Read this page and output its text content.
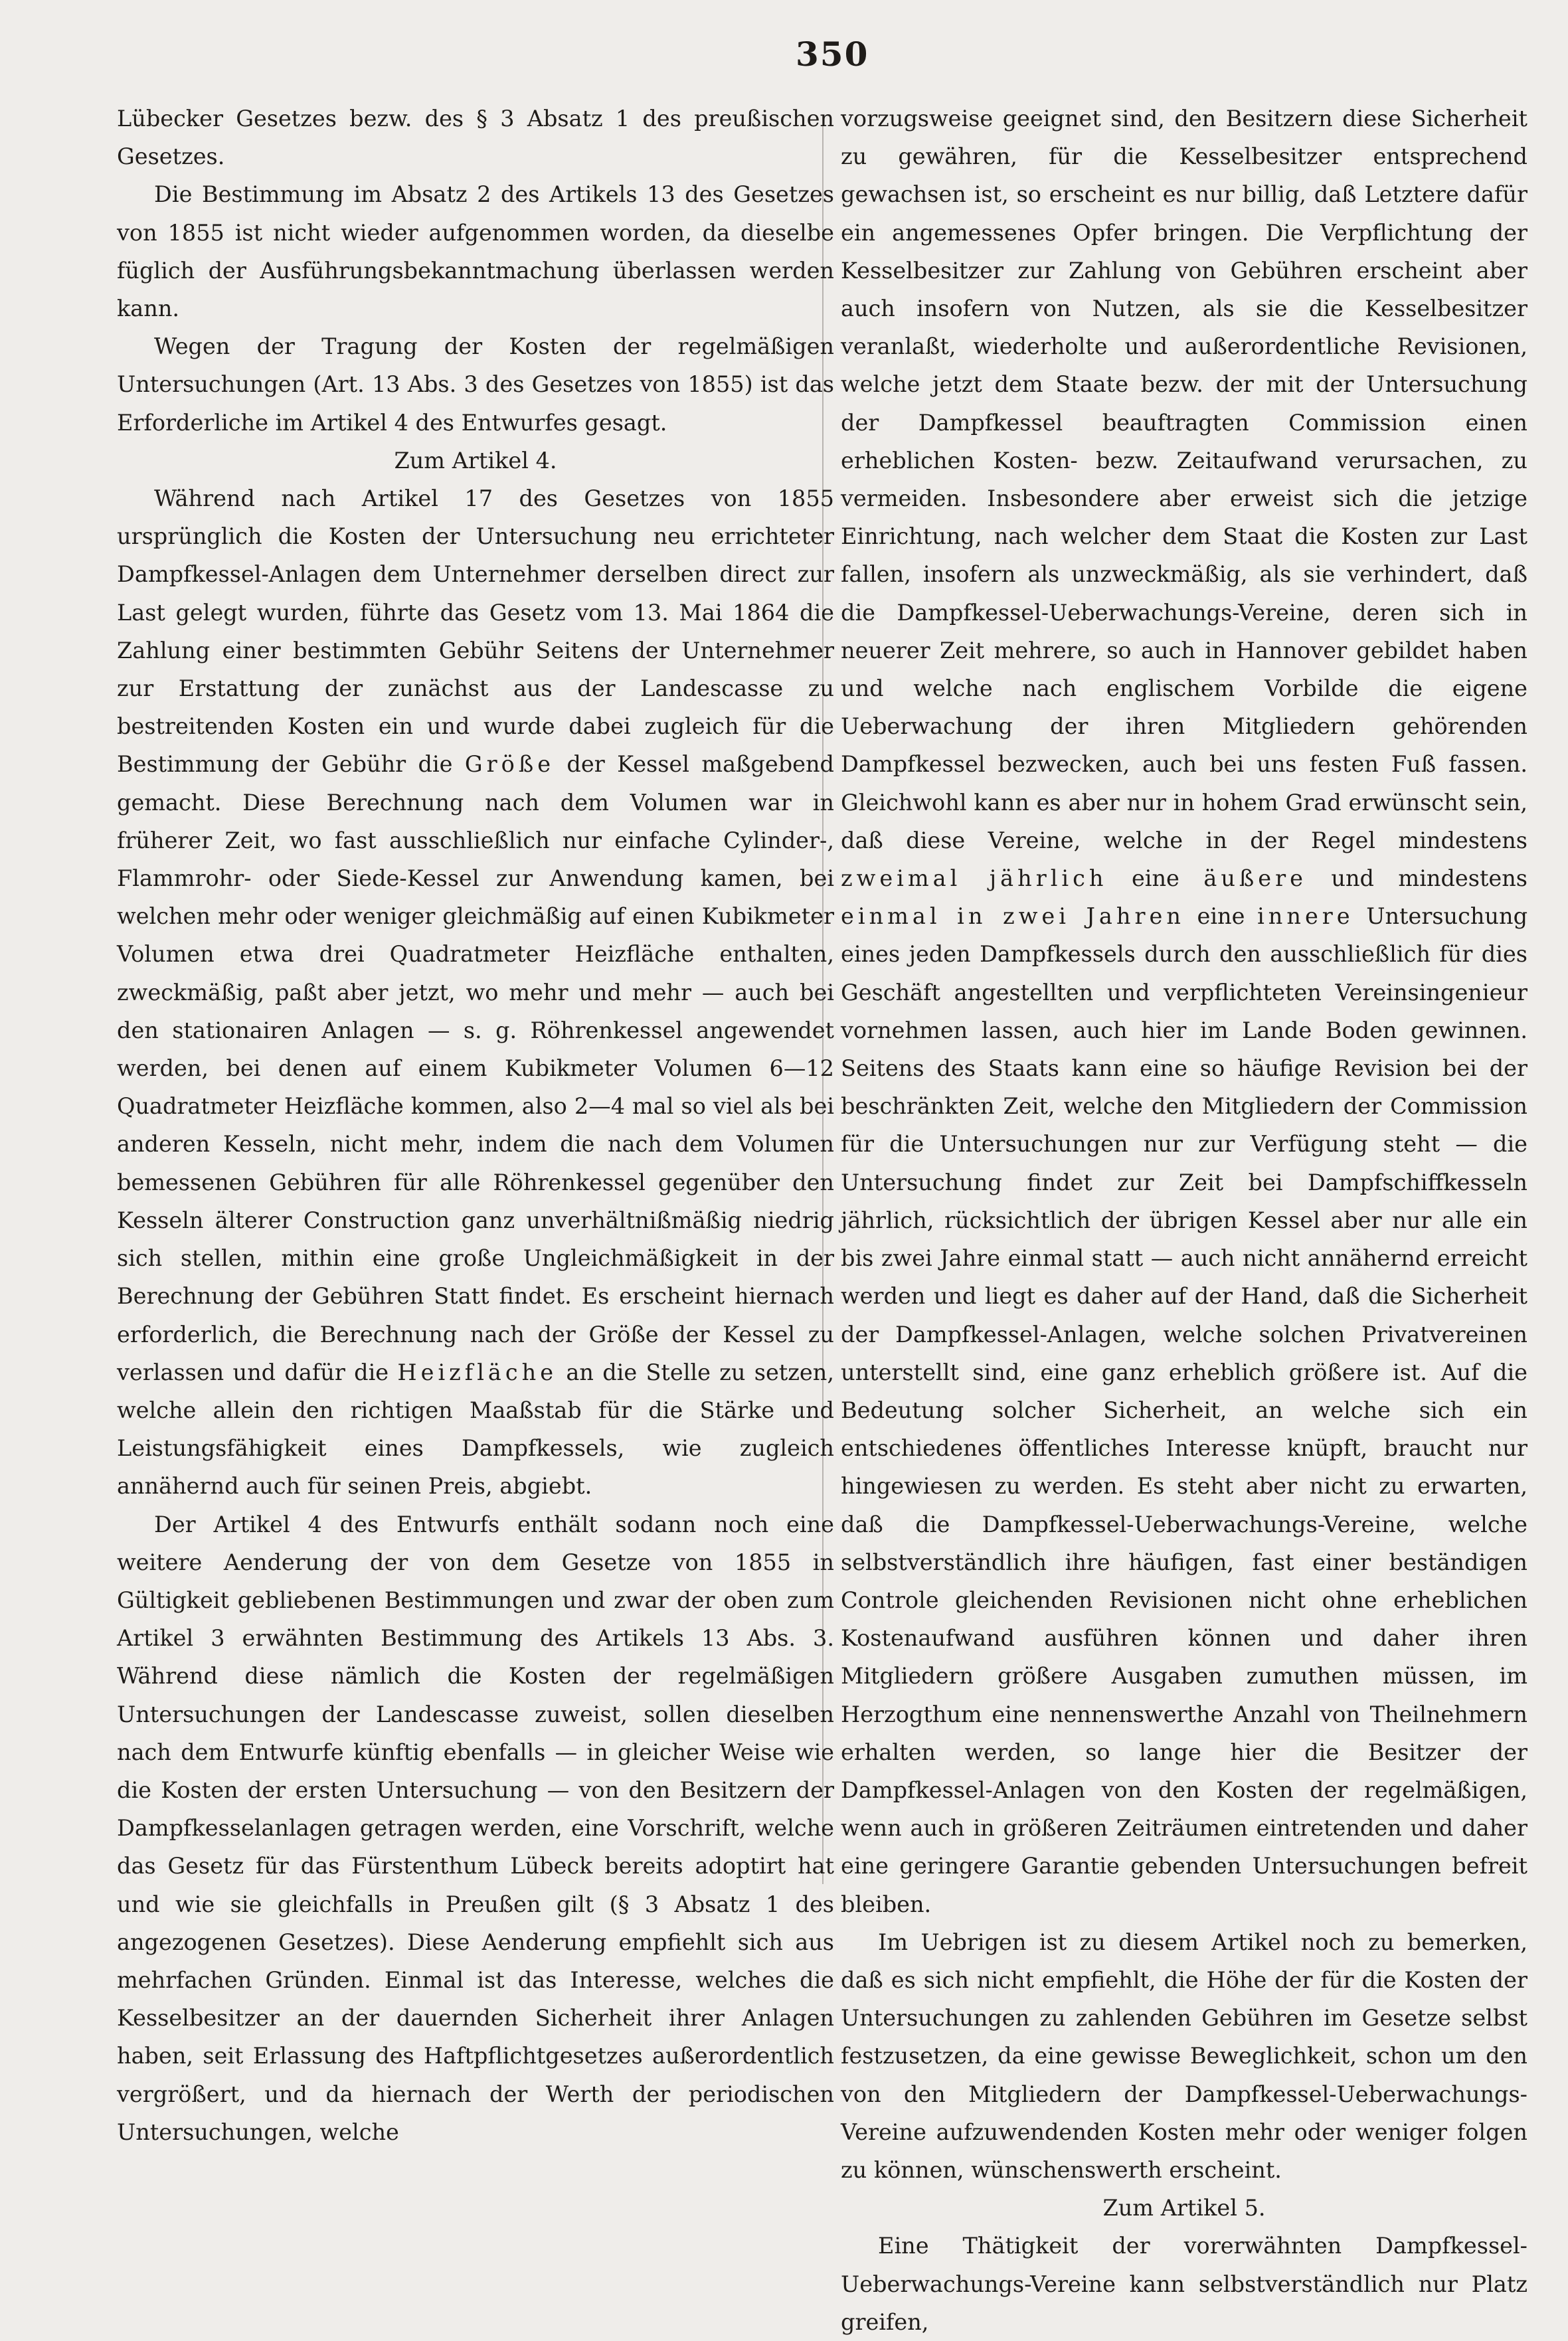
350

Lübecker Gesetzes bezw. des § 3 Absatz 1 des preußischen Gesetzes.

Die Bestimmung im Absatz 2 des Artikels 13 des Gesetzes von 1855 ist nicht wieder aufgenommen worden, da dieselbe füglich der Ausführungsbekanntmachung überlassen werden kann.

Wegen der Tragung der Kosten der regelmäßigen Untersuchungen (Art. 13 Abs. 3 des Gesetzes von 1855) ist das Erforderliche im Artikel 4 des Entwurfes gesagt.

Zum Artikel 4.

Während nach Artikel 17 des Gesetzes von 1855 ursprünglich die Kosten der Untersuchung neu errichteter Dampfkessel-Anlagen dem Unternehmer derselben direct zur Last gelegt wurden, führte das Gesetz vom 13. Mai 1864 die Zahlung einer bestimmten Gebühr Seitens der Unternehmer zur Erstattung der zunächst aus der Landescasse zu bestreitenden Kosten ein und wurde dabei zugleich für die Bestimmung der Gebühr die Größe der Kessel maßgebend gemacht. Diese Berechnung nach dem Volumen war in früherer Zeit, wo fast ausschließlich nur einfache Cylinder-, Flammrohr- oder Siede-Kessel zur Anwendung kamen, bei welchen mehr oder weniger gleichmäßig auf einen Kubikmeter Volumen etwa drei Quadratmeter Heizfläche enthalten, zweckmäßig, paßt aber jetzt, wo mehr und mehr — auch bei den stationairen Anlagen — s. g. Röhrenkessel angewendet werden, bei denen auf einem Kubikmeter Volumen 6—12 Quadratmeter Heizfläche kommen, also 2—4 mal so viel als bei anderen Kesseln, nicht mehr, indem die nach dem Volumen bemessenen Gebühren für alle Röhrenkessel gegenüber den Kesseln älterer Construction ganz unverhältnißmäßig niedrig sich stellen, mithin eine große Ungleichmäßigkeit in der Berechnung der Gebühren Statt findet. Es erscheint hiernach erforderlich, die Berechnung nach der Größe der Kessel zu verlassen und dafür die Heizfläche an die Stelle zu setzen, welche allein den richtigen Maaßstab für die Stärke und Leistungsfähigkeit eines Dampfkessels, wie zugleich annähernd auch für seinen Preis, abgiebt.

Der Artikel 4 des Entwurfs enthält sodann noch eine weitere Aenderung der von dem Gesetze von 1855 in Gültigkeit gebliebenen Bestimmungen und zwar der oben zum Artikel 3 erwähnten Bestimmung des Artikels 13 Abs. 3. Während diese nämlich die Kosten der regelmäßigen Untersuchungen der Landescasse zuweist, sollen dieselben nach dem Entwurfe künftig ebenfalls — in gleicher Weise wie die Kosten der ersten Untersuchung — von den Besitzern der Dampfkesselanlagen getragen werden, eine Vorschrift, welche das Gesetz für das Fürstenthum Lübeck bereits adoptirt hat und wie sie gleichfalls in Preußen gilt (§ 3 Absatz 1 des angezogenen Gesetzes). Diese Aenderung empfiehlt sich aus mehrfachen Gründen. Einmal ist das Interesse, welches die Kesselbesitzer an der dauernden Sicherheit ihrer Anlagen haben, seit Erlassung des Haftpflichtgesetzes außerordentlich vergrößert, und da hiernach der Werth der periodischen Untersuchungen, welche

vorzugsweise geeignet sind, den Besitzern diese Sicherheit zu gewähren, für die Kesselbesitzer entsprechend gewachsen ist, so erscheint es nur billig, daß Letztere dafür ein angemessenes Opfer bringen. Die Verpflichtung der Kesselbesitzer zur Zahlung von Gebühren erscheint aber auch insofern von Nutzen, als sie die Kesselbesitzer veranlaßt, wiederholte und außerordentliche Revisionen, welche jetzt dem Staate bezw. der mit der Untersuchung der Dampfkessel beauftragten Commission einen erheblichen Kosten- bezw. Zeitaufwand verursachen, zu vermeiden. Insbesondere aber erweist sich die jetzige Einrichtung, nach welcher dem Staat die Kosten zur Last fallen, insofern als unzweckmäßig, als sie verhindert, daß die Dampfkessel-Ueberwachungs-Vereine, deren sich in neuerer Zeit mehrere, so auch in Hannover gebildet haben und welche nach englischem Vorbilde die eigene Ueberwachung der ihren Mitgliedern gehörenden Dampfkessel bezwecken, auch bei uns festen Fuß fassen. Gleichwohl kann es aber nur in hohem Grad erwünscht sein, daß diese Vereine, welche in der Regel mindestens zweimal jährlich eine äußere und mindestens einmal in zwei Jahren eine innere Untersuchung eines jeden Dampfkessels durch den ausschließlich für dies Geschäft angestellten und verpflichteten Vereinsingenieur vornehmen lassen, auch hier im Lande Boden gewinnen. Seitens des Staats kann eine so häufige Revision bei der beschränkten Zeit, welche den Mitgliedern der Commission für die Untersuchungen nur zur Verfügung steht — die Untersuchung findet zur Zeit bei Dampfschiffkesseln jährlich, rücksichtlich der übrigen Kessel aber nur alle ein bis zwei Jahre einmal statt — auch nicht annähernd erreicht werden und liegt es daher auf der Hand, daß die Sicherheit der Dampfkessel-Anlagen, welche solchen Privatvereinen unterstellt sind, eine ganz erheblich größere ist. Auf die Bedeutung solcher Sicherheit, an welche sich ein entschiedenes öffentliches Interesse knüpft, braucht nur hingewiesen zu werden. Es steht aber nicht zu erwarten, daß die Dampfkessel-Ueberwachungs-Vereine, welche selbstverständlich ihre häufigen, fast einer beständigen Controle gleichenden Revisionen nicht ohne erheblichen Kostenaufwand ausführen können und daher ihren Mitgliedern größere Ausgaben zumuthen müssen, im Herzogthum eine nennenswerthe Anzahl von Theilnehmern erhalten werden, so lange hier die Besitzer der Dampfkessel-Anlagen von den Kosten der regelmäßigen, wenn auch in größeren Zeiträumen eintretenden und daher eine geringere Garantie gebenden Untersuchungen befreit bleiben.

Im Uebrigen ist zu diesem Artikel noch zu bemerken, daß es sich nicht empfiehlt, die Höhe der für die Kosten der Untersuchungen zu zahlenden Gebühren im Gesetze selbst festzusetzen, da eine gewisse Beweglichkeit, schon um den von den Mitgliedern der Dampfkessel-Ueberwachungs-Vereine aufzuwendenden Kosten mehr oder weniger folgen zu können, wünschenswerth erscheint.

Zum Artikel 5.

Eine Thätigkeit der vorerwähnten Dampfkessel-Ueberwachungs-Vereine kann selbstverständlich nur Platz greifen,
